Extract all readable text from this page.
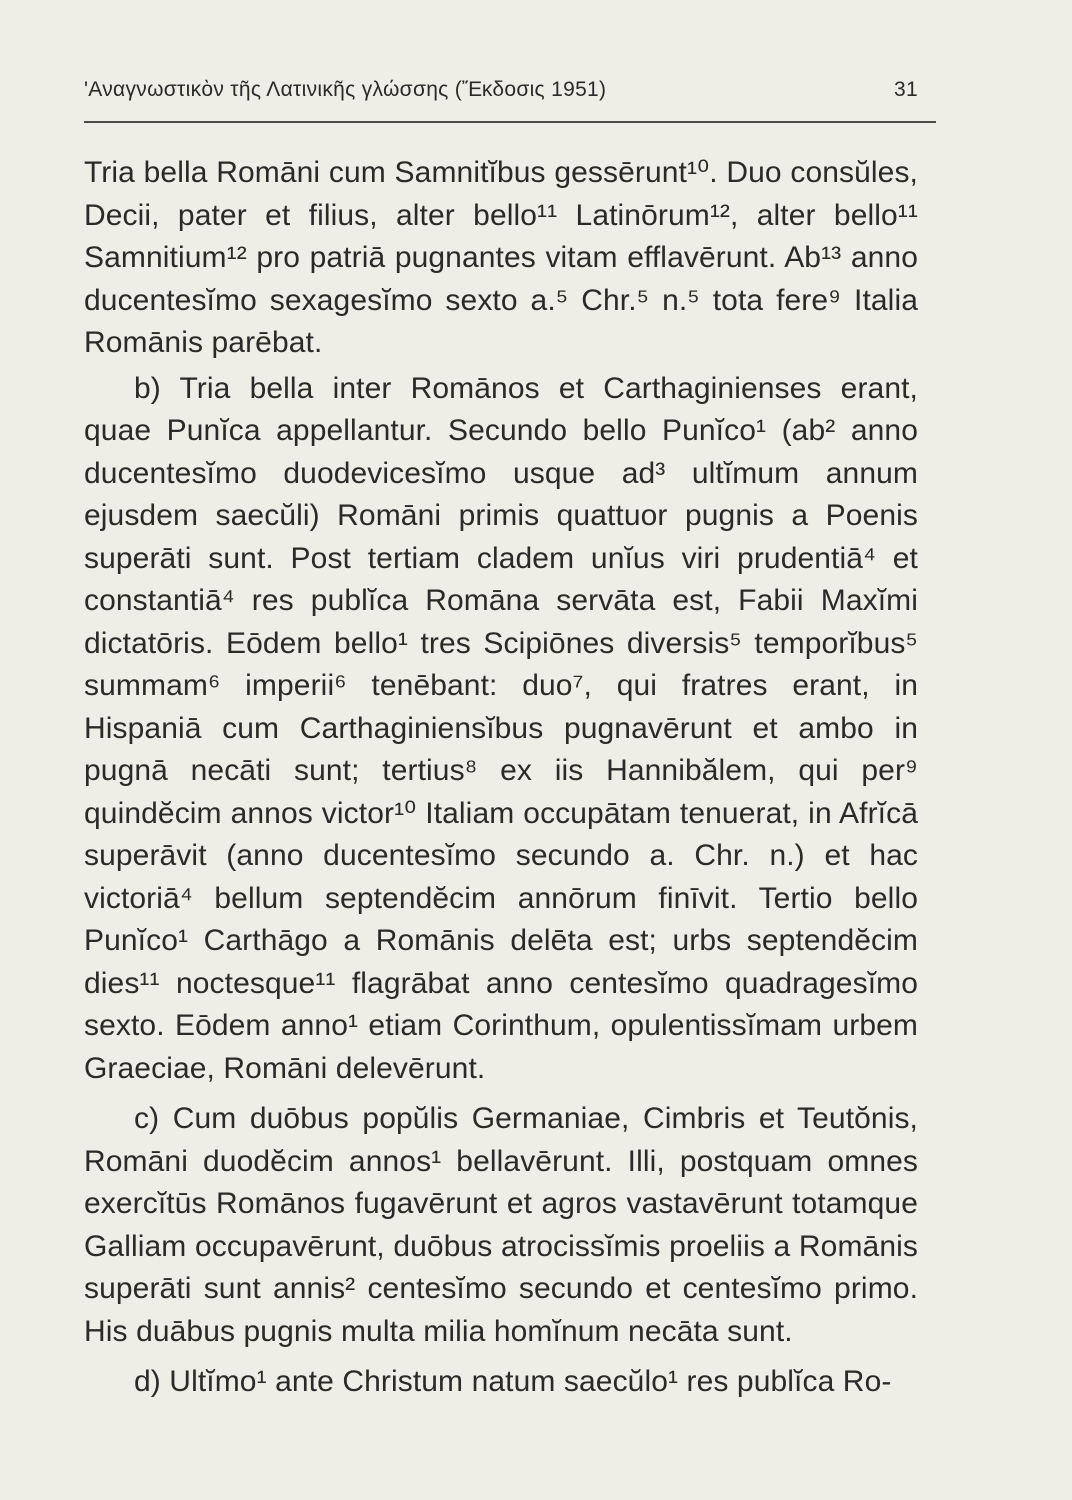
'Αναγνωστικὸν τῆς Λατινικῆς γλώσσης (Ἔκδοσις 1951)	31

Tria bella Romāni cum Samnitĭbus gessērunt¹⁰. Duo consŭles, Decii, pater et filius, alter bello¹¹ Latinōrum¹², alter bello¹¹ Samnitium¹² pro patriā pugnantes vitam efflavērunt. Ab¹³ anno ducentesĭmo sexagesĭmo sexto a.⁵ Chr.⁵ n.⁵ tota fere⁹ Italia Romānis parēbat.

b) Tria bella inter Romānos et Carthaginienses erant, quae Punĭca appellantur. Secundo bello Punĭco¹ (ab² anno ducentesĭmo duodevicesĭmo usque ad³ ultĭmum annum ejusdem saecŭli) Romāni primis quattuor pugnis a Poenis superāti sunt. Post tertiam cladem unĭus viri prudentiā⁴ et constantiā⁴ res publĭca Romāna servāta est, Fabii Maxĭmi dictatōris. Eōdem bello¹ tres Scipiōnes diversis⁵ temporĭbus⁵ summam⁶ imperii⁶ tenēbant: duo⁷, qui fratres erant, in Hispaniā cum Carthaginiensĭbus pugnavērunt et ambo in pugnā necāti sunt; tertius⁸ ex iis Hannibălem, qui per⁹ quindĕcim annos victor¹⁰ Italiam occupātam tenuerat, in Afrĭcā superāvit (anno ducentesĭmo secundo a. Chr. n.) et hac victoriā⁴ bellum septendĕcim annōrum finīvit. Tertio bello Punĭco¹ Carthāgo a Romānis delēta est; urbs septendĕcim dies¹¹ noctesque¹¹ flagrābat anno centesĭmo quadragesĭmo sexto. Eōdem anno¹ etiam Corinthum, opulentissĭmam urbem Graeciae, Romāni delevērunt.

c) Cum duōbus popŭlis Germaniae, Cimbris et Teutŏnis, Romāni duodĕcim annos¹ bellavērunt. Illi, postquam omnes exercĭtūs Romānos fugavērunt et agros vastavērunt totamque Galliam occupavērunt, duōbus atrocissĭmis proeliis a Romānis superāti sunt annis² centesĭmo secundo et centesĭmo primo. His duābus pugnis multa milia homĭnum necāta sunt.

d) Ultĭmo¹ ante Christum natum saecŭlo¹ res publĭca Ro-
